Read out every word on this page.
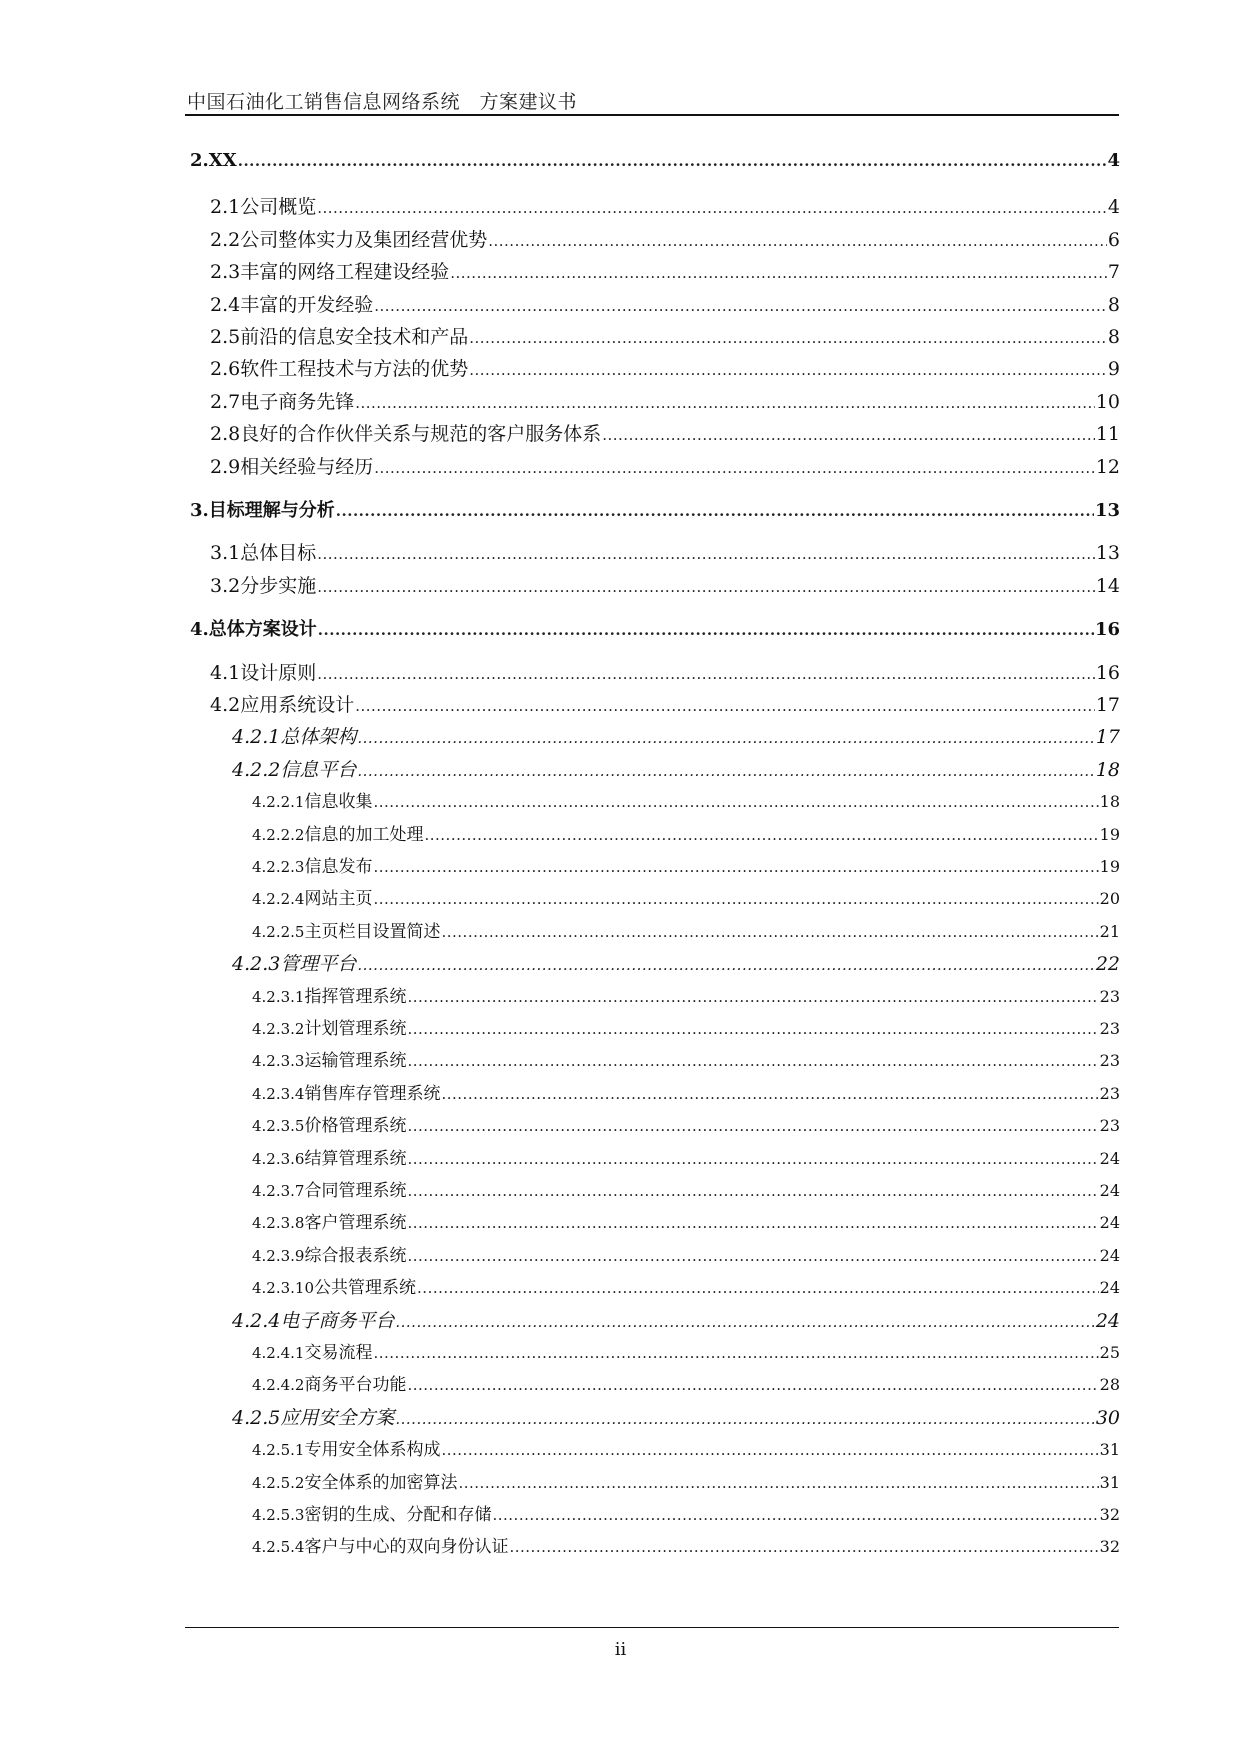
中国石油化工销售信息网络系统　方案建议书
2. XX .....	4
2.1 公司概览 .....	4
2.2 公司整体实力及集团经营优势 .....	6
2.3 丰富的网络工程建设经验 .....	7
2.4 丰富的开发经验 .....	8
2.5 前沿的信息安全技术和产品 .....	8
2.6 软件工程技术与方法的优势 .....	9
2.7 电子商务先锋 .....	10
2.8 良好的合作伙伴关系与规范的客户服务体系 .....	11
2.9 相关经验与经历 .....	12
3. 目标理解与分析 .....	13
3.1 总体目标 .....	13
3.2 分步实施 .....	14
4. 总体方案设计 .....	16
4.1 设计原则 .....	16
4.2 应用系统设计 .....	17
4.2.1 总体架构 .....	17
4.2.2 信息平台 .....	18
4.2.2.1 信息收集 .....	18
4.2.2.2 信息的加工处理 .....	19
4.2.2.3 信息发布 .....	19
4.2.2.4 网站主页 .....	20
4.2.2.5 主页栏目设置简述 .....	21
4.2.3 管理平台 .....	22
4.2.3.1 指挥管理系统 .....	23
4.2.3.2 计划管理系统 .....	23
4.2.3.3 运输管理系统 .....	23
4.2.3.4 销售库存管理系统 .....	23
4.2.3.5 价格管理系统 .....	23
4.2.3.6 结算管理系统 .....	24
4.2.3.7 合同管理系统 .....	24
4.2.3.8 客户管理系统 .....	24
4.2.3.9 综合报表系统 .....	24
4.2.3.10 公共管理系统 .....	24
4.2.4 电子商务平台 .....	24
4.2.4.1 交易流程 .....	25
4.2.4.2 商务平台功能 .....	28
4.2.5 应用安全方案 .....	30
4.2.5.1 专用安全体系构成 .....	31
4.2.5.2 安全体系的加密算法 .....	31
4.2.5.3 密钥的生成、分配和存储 .....	32
4.2.5.4 客户与中心的双向身份认证 .....	32
ii
